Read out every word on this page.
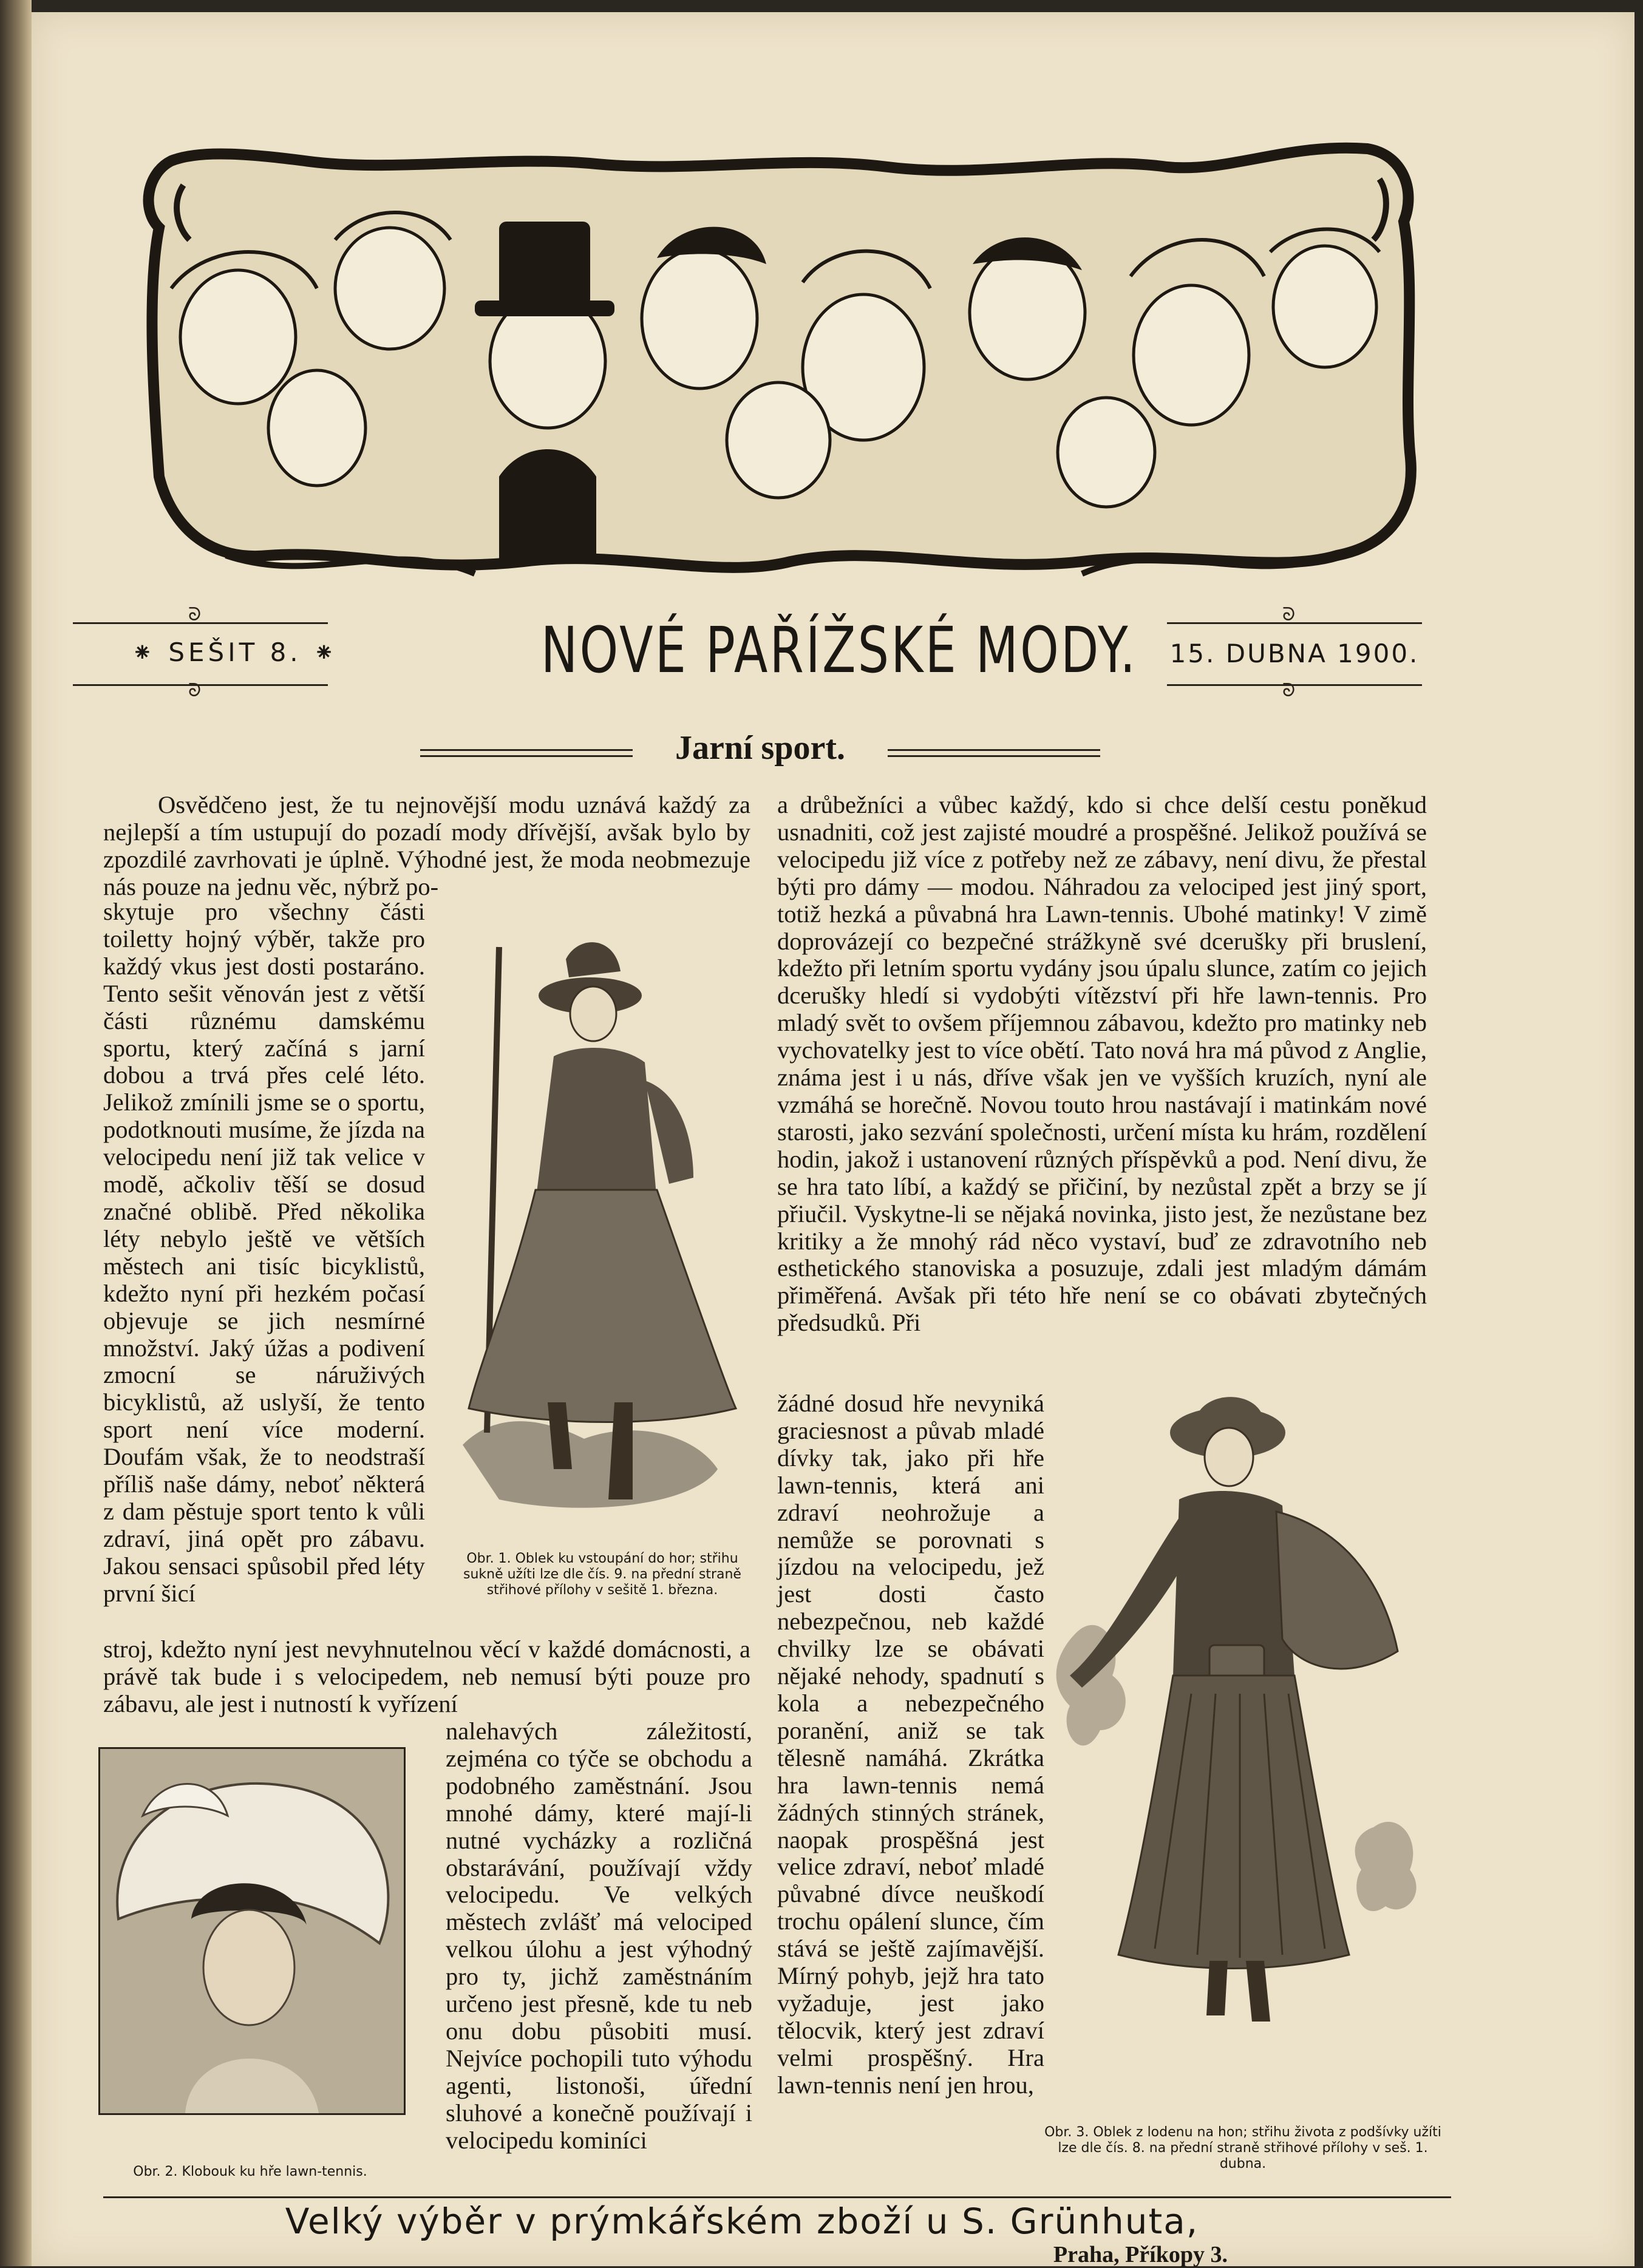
ᘐ
ᘐ
ᘐ
ᘐ
⁕ SEŠIT 8. ⁕	NOVÉ PAŘÍŽSKÉ MODY.	15. DUBNA 1900.
Jarní sport.

Osvědčeno jest, že tu nejnovější modu uznává každý za nejlepší a tím ustupují do pozadí mody dřívější, avšak bylo by zpozdilé zavrhovati je úplně. Výhodné jest, že moda neobmezuje nás pouze na jednu věc, nýbrž po-

skytuje pro všechny části toiletty hojný výběr, takže pro každý vkus jest dosti postaráno. Tento sešit věnován jest z větší části různému damskému sportu, který začíná s jarní dobou a trvá přes celé léto. Jelikož zmínili jsme se o sportu, podotknouti musíme, že jízda na velocipedu není již tak velice v modě, ačkoliv těší se dosud značné oblibě. Před několika léty nebylo ještě ve větších městech ani tisíc bicyklistů, kdežto nyní při hezkém počasí objevuje se jich nesmírné množství. Jaký úžas a podivení zmocní se náruživých bicyklistů, až uslyší, že tento sport není více moderní. Doufám však, že to neodstraší příliš naše dámy, neboť některá z dam pěstuje sport tento k vůli zdraví, jiná opět pro zábavu. Jakou sensaci spůsobil před léty první šicí

stroj, kdežto nyní jest nevyhnutelnou věcí v každé domácnosti, a právě tak bude i s velocipedem, neb nemusí býti pouze pro zábavu, ale jest i nutností k vyřízení

nalehavých záležitostí, zejména co týče se obchodu a podobného zaměstnání. Jsou mnohé dámy, které mají-li nutné vycházky a rozličná obstarávání, používají vždy velocipedu. Ve velkých městech zvlášť má velociped velkou úlohu a jest výhodný pro ty, jichž zaměstnáním určeno jest přesně, kde tu neb onu dobu působiti musí. Nejvíce pochopili tuto výhodu agenti, listonoši, úřední sluhové a konečně používají i velocipedu kominíci

a drůbežníci a vůbec každý, kdo si chce delší cestu poněkud usnadniti, což jest zajisté moudré a prospěšné. Jelikož používá se velocipedu již více z potřeby než ze zábavy, není divu, že přestal býti pro dámy — modou. Náhradou za velociped jest jiný sport, totiž hezká a půvabná hra Lawn-tennis. Ubohé matinky! V zimě doprovázejí co bezpečné strážkyně své dcerušky při bruslení, kdežto při letním sportu vydány jsou úpalu slunce, zatím co jejich dcerušky hledí si vydobýti vítězství při hře lawn-tennis. Pro mladý svět to ovšem příjemnou zábavou, kdežto pro matinky neb vychovatelky jest to více obětí. Tato nová hra má původ z Anglie, známa jest i u nás, dříve však jen ve vyšších kruzích, nyní ale vzmáhá se horečně. Novou touto hrou nastávají i matinkám nové starosti, jako sezvání společnosti, určení místa ku hrám, rozdělení hodin, jakož i ustanovení různých příspěvků a pod. Není divu, že se hra tato líbí, a každý se přičiní, by nezůstal zpět a brzy se jí přiučil. Vyskytne-li se nějaká novinka, jisto jest, že nezůstane bez kritiky a že mnohý rád něco vystaví, buď ze zdravotního neb esthetického stanoviska a posuzuje, zdali jest mladým dámám přiměřená. Avšak při této hře není se co obávati zbytečných předsudků. Při

žádné dosud hře nevyniká graciesnost a půvab mladé dívky tak, jako při hře lawn-tennis, která ani zdraví neohrožuje a nemůže se porovnati s jízdou na velocipedu, jež jest dosti často nebezpečnou, neb každé chvilky lze se obávati nějaké nehody, spadnutí s kola a nebezpečného poranění, aniž se tak tělesně namáhá. Zkrátka hra lawn-tennis nemá žádných stinných stránek, naopak prospěšná jest velice zdraví, neboť mladé půvabné dívce neuškodí trochu opálení slunce, čím stává se ještě zajímavější. Mírný pohyb, jejž hra tato vyžaduje, jest jako tělocvik, který jest zdraví velmi prospěšný. Hra lawn-tennis není jen hrou,

Obr. 1. Oblek ku vstoupání do hor; střihu sukně užíti lze dle čís. 9. na přední straně střihové přílohy v sešitě 1. března.
Obr. 2. Klobouk ku hře lawn-tennis.
Obr. 3. Oblek z lodenu na hon; střihu života z podšívky užíti lze dle čís. 8. na přední straně střihové přílohy v seš. 1. dubna.
Velký výběr v prýmkářském zboží u S. Grünhuta,
Praha, Příkopy 3.
